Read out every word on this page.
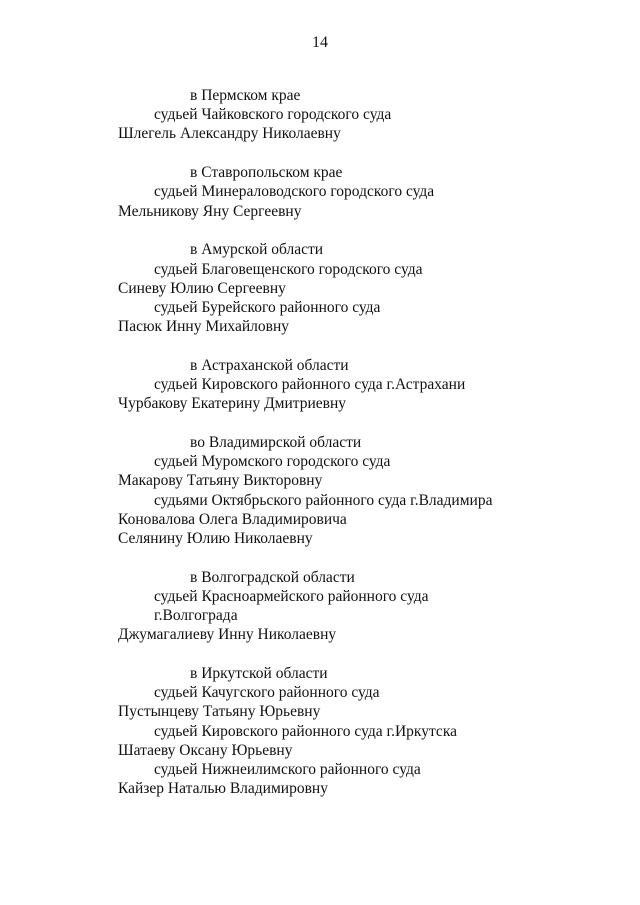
14
в Пермском крае
судьей Чайковского городского суда
Шлегель Александру Николаевну
в Ставропольском крае
судьей Минераловодского городского суда
Мельникову Яну Сергеевну
в Амурской области
судьей Благовещенского городского суда
Синеву Юлию Сергеевну
судьей Бурейского районного суда
Пасюк Инну Михайловну
в Астраханской области
судьей Кировского районного суда г.Астрахани
Чурбакову Екатерину Дмитриевну
во Владимирской области
судьей Муромского городского суда
Макарову Татьяну Викторовну
судьями Октябрьского районного суда г.Владимира
Коновалова Олега Владимировича
Селянину Юлию Николаевну
в Волгоградской области
судьей Красноармейского районного суда
г.Волгограда
Джумагалиеву Инну Николаевну
в Иркутской области
судьей Качугского районного суда
Пустынцеву Татьяну Юрьевну
судьей Кировского районного суда г.Иркутска
Шатаеву Оксану Юрьевну
судьей Нижнеилимского районного суда
Кайзер Наталью Владимировну
